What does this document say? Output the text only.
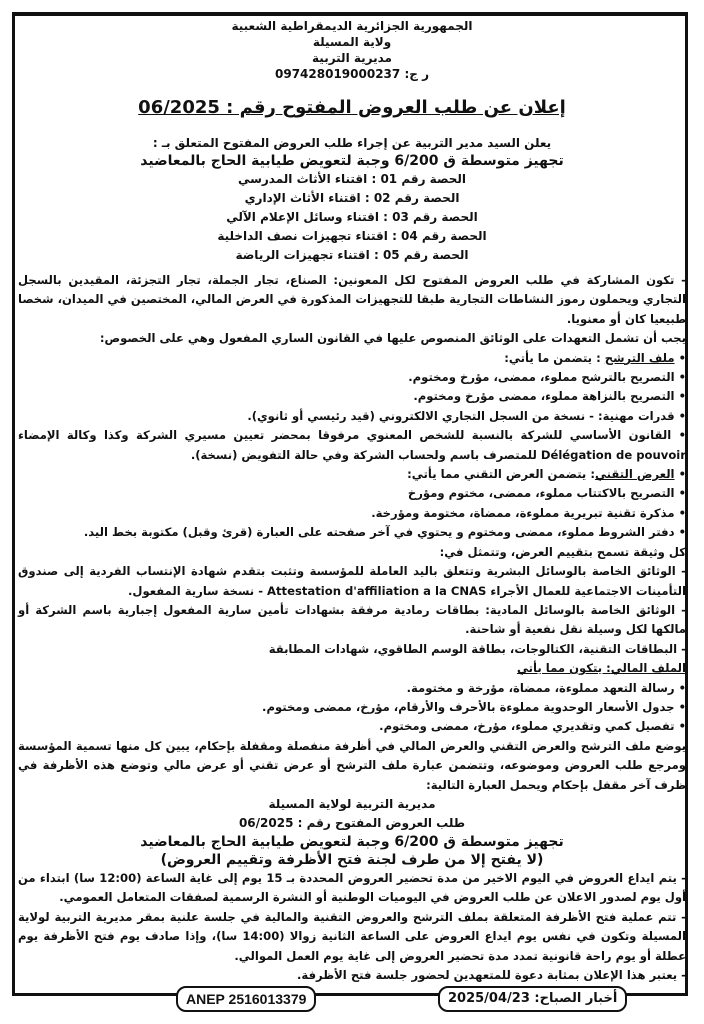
الجمهورية الجزائرية الديمقراطية الشعبية
ولاية المسيلة
مديرية التربية
ر ج: 097428019000237
إعلان عن طلب العروض المفتوح رقم : 06/2025
يعلن السيد مدير التربية عن إجراء طلب العروض المفتوح المتعلق بـ :
تجهيز متوسطة ق 6/200 وجبة لتعويض طيابية الحاج بالمعاضيد
الحصة رقم 01 : اقتناء الأثاث المدرسي
الحصة رقم 02 : اقتناء الأثاث الإداري
الحصة رقم 03 : اقتناء وسائل الإعلام الآلي
الحصة رقم 04 : اقتناء تجهيزات نصف الداخلية
الحصة رقم 05 : اقتناء تجهيزات الرياضة

- تكون المشاركة في طلب العروض المفتوح لكل المعونين: الصناع، تجار الجملة، تجار التجزئة، المقيدين بالسجل التجاري ويحملون رموز النشاطات التجارية طبقا للتجهيزات المذكورة في العرض المالي، المختصين في الميدان، شخصا طبيعيا كان أو معنويا.

يجب أن تشمل التعهدات على الوثائق المنصوص عليها في القانون الساري المفعول وهي على الخصوص:

• ملف الترشح : يتضمن ما يأتي:

• التصريح بالترشح مملوء، ممضى، مؤرخ ومختوم.

• التصريح بالنزاهة مملوء، ممضى مؤرخ ومختوم.

• قدرات مهنية: - نسخة من السجل التجاري الالكتروني (قيد رئيسي أو ثانوي).

• القانون الأساسي للشركة بالنسبة للشخص المعنوي مرفوقا بمحضر تعيين مسيري الشركة وكذا وكالة الإمضاء Délégation de pouvoir للمتصرف باسم ولحساب الشركة وفي حالة التفويض (نسخة).

• العرض التقني: يتضمن العرض التقني مما يأتي:

• التصريح بالاكتتاب مملوء، ممضى، مختوم ومؤرخ

• مذكرة تقنية تبريرية مملوءة، ممضاة، مختومة ومؤرخة.

• دفتر الشروط مملوء، ممضى ومختوم و يحتوي في آخر صفحته على العبارة (قرئ وقبل) مكتوبة بخط اليد.

كل وثيقة تسمح بتقييم العرض، وتتمثل في:

- الوثائق الخاصة بالوسائل البشرية وتتعلق باليد العاملة للمؤسسة وتثبت بتقدم شهادة الإنتساب الفردية إلى صندوق التأمينات الاجتماعية للعمال الأجراء Attestation d'affiliation a la CNAS - نسخة سارية المفعول.

- الوثائق الخاصة بالوسائل المادية: بطاقات رمادية مرفقة بشهادات تأمين سارية المفعول إجبارية باسم الشركة أو مالكها لكل وسيلة نقل نفعية أو شاحنة.

- البطاقات التقنية، الكتالوجات، بطاقة الوسم الطاقوي، شهادات المطابقة

الملف المالي: يتكون مما يأتي

• رسالة التعهد مملوءة، ممضاة، مؤرخة و مختومة.

• جدول الأسعار الوحدوية مملوءة بالأحرف والأرقام، مؤرخ، ممضى ومختوم.

• تفصيل كمي وتقديري مملوء، مؤرخ، ممضى ومختوم.

يوضع ملف الترشح والعرض التقني والعرض المالي في أظرفة منفصلة ومقفلة بإحكام، يبين كل منها تسمية المؤسسة ومرجع طلب العروض وموضوعه، وتتضمن عبارة ملف الترشح أو عرض تقني أو عرض مالي وتوضع هذه الأظرفة في ظرف آخر مقفل بإحكام ويحمل العبارة التالية:

مديرية التربية لولاية المسيلة
طلب العروض المفتوح رقم : 06/2025
تجهيز متوسطة ق 6/200 وجبة لتعويض طيابية الحاج بالمعاضيد
(لا يفتح إلا من طرف لجنة فتح الأظرفة وتقييم العروض)

- يتم ايداع العروض في اليوم الاخير من مدة تحضير العروض المحددة بـ 15 يوم إلى غاية الساعة (12:00 سا) ابتداء من أول يوم لصدور الاعلان عن طلب العروض في اليوميات الوطنية أو النشرة الرسمية لصفقات المتعامل العمومي.

- تتم عملية فتح الأظرفة المتعلقة بملف الترشح والعروض التقنية والمالية في جلسة علنية بمقر مديرية التربية لولاية المسيلة وتكون في نفس يوم ايداع العروض على الساعة الثانية زوالا (14:00 سا)، وإذا صادف يوم فتح الأظرفة يوم عطلة أو يوم راحة قانونية تمدد مدة تحضير العروض إلى غاية يوم العمل الموالي.

- يعتبر هذا الإعلان بمثابة دعوة للمتعهدين لحضور جلسة فتح الأظرفة.

أخبار الصباح: 2025/04/23
ANEP 2516013379
